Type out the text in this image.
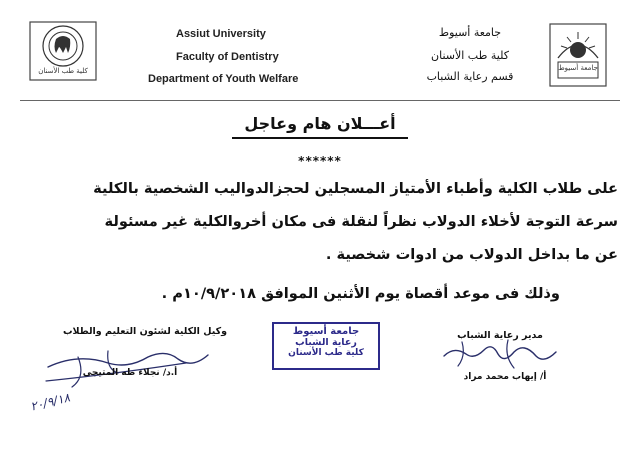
كلية طب الأسنان
Assiut University
Faculty of Dentistry
Department of Youth Welfare
جامعة أسيوط
كلية طب الأسنان
قسم رعاية الشباب
جامعة أسيوط
أعـــلان هام وعاجل
******
على طلاب الكلية وأطباء الأمتياز المسجلين لحجزالدواليب الشخصية بالكلية
سرعة التوجة لأخلاء الدولاب نظراً لنقلة فى مكان أخروالكلية غير مسئولة
عن ما بداخل الدولاب من ادوات شخصية .
وذلك فى موعد أقصاة يوم الأثنين الموافق ١٠/٩/٢٠١٨م .
وكيل الكلية لشئون التعليم والطلاب
أ.د/ نجلاء طه المتيجى
٢٠/٩/١٨
جامعة أسيوط
رعاية الشباب
كلية طب الأسنان
مدير رعاية الشباب
أ/ إيهاب محمد مراد
